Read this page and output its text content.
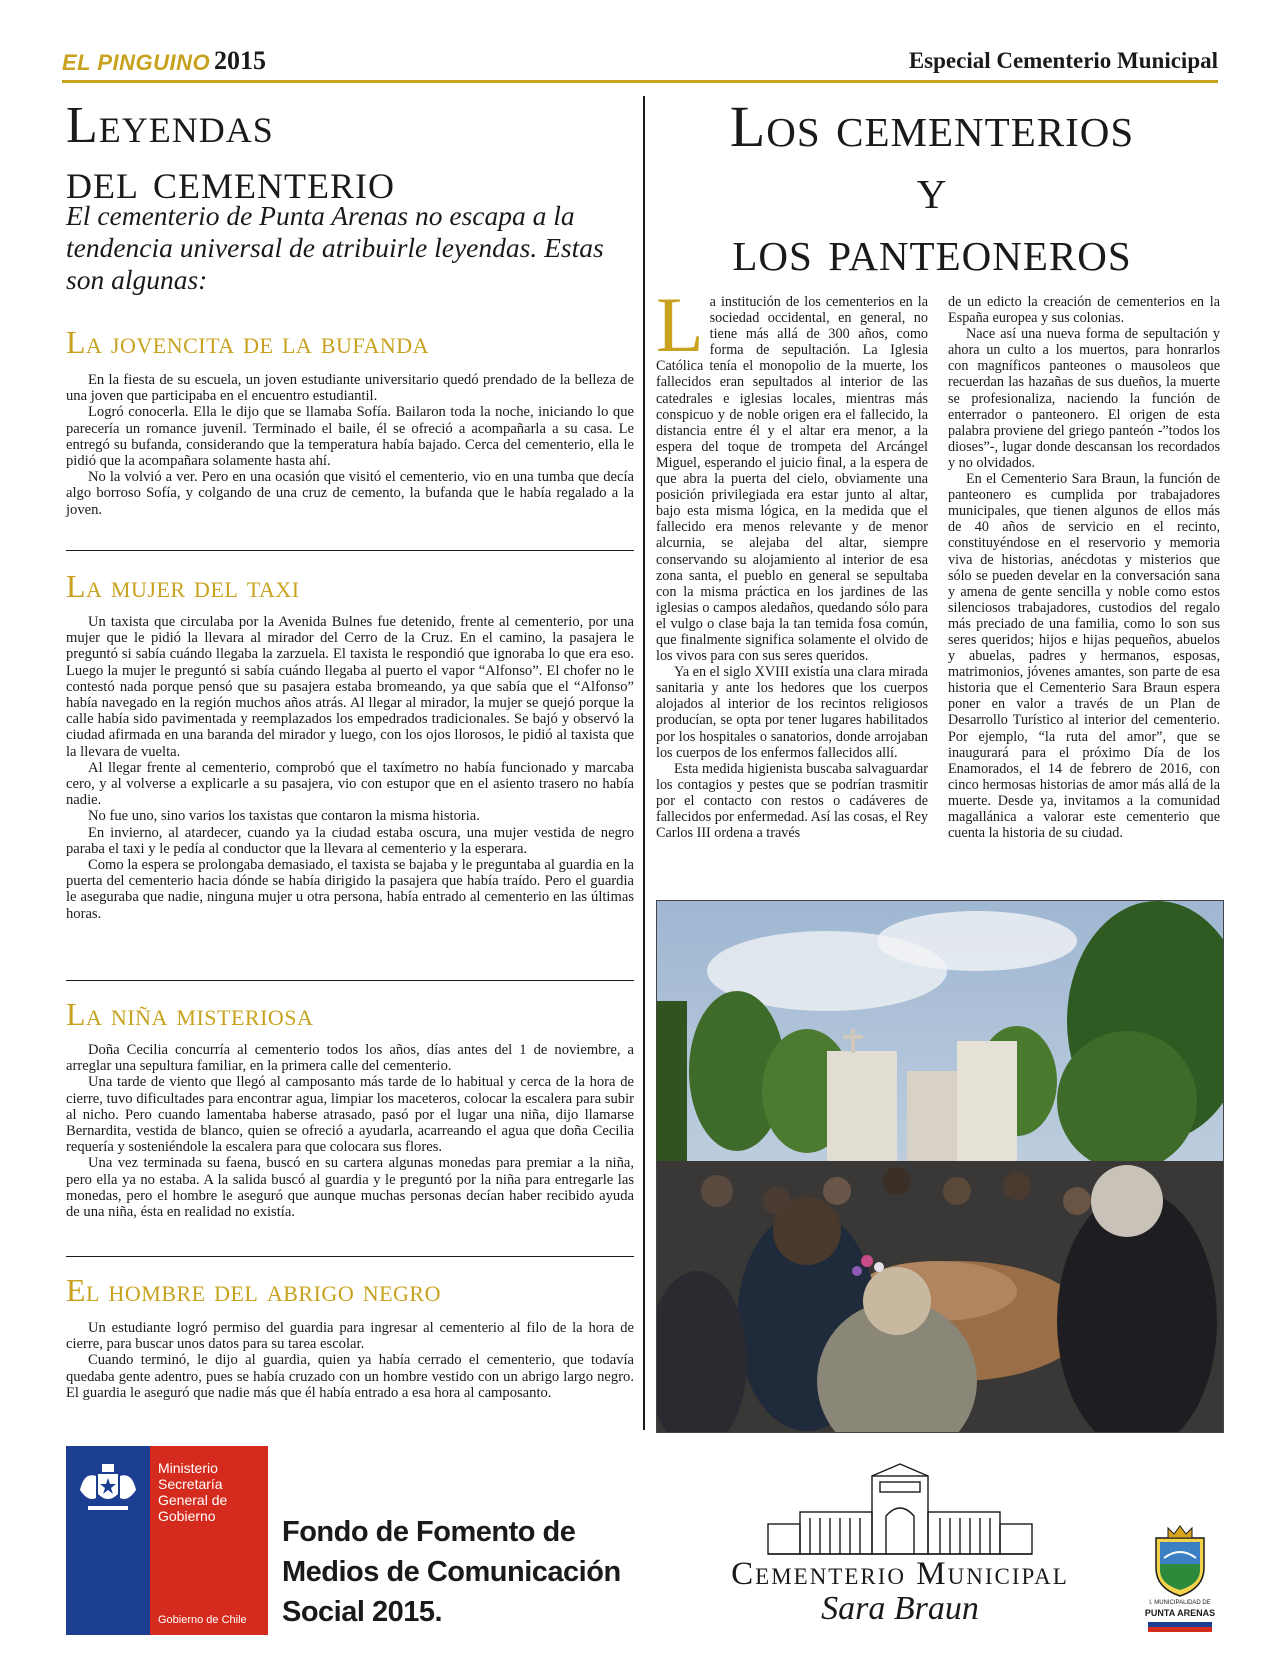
EL PINGUINO 2015	Especial Cementerio Municipal
Leyendas
del cementerio
El cementerio de Punta Arenas no escapa a la tendencia universal de atribuirle leyendas. Estas son algunas:
La jovencita de la bufanda

En la fiesta de su escuela, un joven estudiante universitario quedó prendado de la belleza de una joven que participaba en el encuentro estudiantil.

Logró conocerla. Ella le dijo que se llamaba Sofía. Bailaron toda la noche, iniciando lo que parecería un romance juvenil. Terminado el baile, él se ofreció a acompañarla a su casa. Le entregó su bufanda, considerando que la temperatura había bajado. Cerca del cementerio, ella le pidió que la acompañara solamente hasta ahí.

No la volvió a ver. Pero en una ocasión que visitó el cementerio, vio en una tumba que decía algo borroso Sofía, y colgando de una cruz de cemento, la bufanda que le había regalado a la joven.

La mujer del taxi

Un taxista que circulaba por la Avenida Bulnes fue detenido, frente al cementerio, por una mujer que le pidió la llevara al mirador del Cerro de la Cruz. En el camino, la pasajera le preguntó si sabía cuándo llegaba la zarzuela. El taxista le respondió que ignoraba lo que era eso. Luego la mujer le preguntó si sabía cuándo llegaba al puerto el vapor “Alfonso”. El chofer no le contestó nada porque pensó que su pasajera estaba bromeando, ya que sabía que el “Alfonso” había navegado en la región muchos años atrás. Al llegar al mirador, la mujer se quejó porque la calle había sido pavimentada y reemplazados los empedrados tradicionales. Se bajó y observó la ciudad afirmada en una baranda del mirador y luego, con los ojos llorosos, le pidió al taxista que la llevara de vuelta.

Al llegar frente al cementerio, comprobó que el taxímetro no había funcionado y marcaba cero, y al volverse a explicarle a su pasajera, vio con estupor que en el asiento trasero no había nadie.

No fue uno, sino varios los taxistas que contaron la misma historia.

En invierno, al atardecer, cuando ya la ciudad estaba oscura, una mujer vestida de negro paraba el taxi y le pedía al conductor que la llevara al cementerio y la esperara.

Como la espera se prolongaba demasiado, el taxista se bajaba y le preguntaba al guardia en la puerta del cementerio hacia dónde se había dirigido la pasajera que había traído. Pero el guardia le aseguraba que nadie, ninguna mujer u otra persona, había entrado al cementerio en las últimas horas.

La niña misteriosa

Doña Cecilia concurría al cementerio todos los años, días antes del 1 de noviembre, a arreglar una sepultura familiar, en la primera calle del cementerio.

Una tarde de viento que llegó al camposanto más tarde de lo habitual y cerca de la hora de cierre, tuvo dificultades para encontrar agua, limpiar los maceteros, colocar la escalera para subir al nicho. Pero cuando lamentaba haberse atrasado, pasó por el lugar una niña, dijo llamarse Bernardita, vestida de blanco, quien se ofreció a ayudarla, acarreando el agua que doña Cecilia requería y sosteniéndole la escalera para que colocara sus flores.

Una vez terminada su faena, buscó en su cartera algunas monedas para premiar a la niña, pero ella ya no estaba. A la salida buscó al guardia y le preguntó por la niña para entregarle las monedas, pero el hombre le aseguró que aunque muchas personas decían haber recibido ayuda de una niña, ésta en realidad no existía.

El hombre del abrigo negro

Un estudiante logró permiso del guardia para ingresar al cementerio al filo de la hora de cierre, para buscar unos datos para su tarea escolar.

Cuando terminó, le dijo al guardia, quien ya había cerrado el cementerio, que todavía quedaba gente adentro, pues se había cruzado con un hombre vestido con un abrigo largo negro. El guardia le aseguró que nadie más que él había entrado a esa hora al camposanto.

Los cementerios
y
los panteoneros

La institución de los cementerios en la sociedad occidental, en general, no tiene más allá de 300 años, como forma de sepultación. La Iglesia Católica tenía el monopolio de la muerte, los fallecidos eran sepultados al interior de las catedrales e iglesias locales, mientras más conspicuo y de noble origen era el fallecido, la distancia entre él y el altar era menor, a la espera del toque de trompeta del Arcángel Miguel, esperando el juicio final, a la espera de que abra la puerta del cielo, obviamente una posición privilegiada era estar junto al altar, bajo esta misma lógica, en la medida que el fallecido era menos relevante y de menor alcurnia, se alejaba del altar, siempre conservando su alojamiento al interior de esa zona santa, el pueblo en general se sepultaba con la misma práctica en los jardines de las iglesias o campos aledaños, quedando sólo para el vulgo o clase baja la tan temida fosa común, que finalmente significa solamente el olvido de los vivos para con sus seres queridos.

Ya en el siglo XVIII existía una clara mirada sanitaria y ante los hedores que los cuerpos alojados al interior de los recintos religiosos producían, se opta por tener lugares habilitados por los hospitales o sanatorios, donde arrojaban los cuerpos de los enfermos fallecidos allí.

Esta medida higienista buscaba salvaguardar los contagios y pestes que se podrían trasmitir por el contacto con restos o cadáveres de fallecidos por enfermedad. Así las cosas, el Rey Carlos III ordena a través

de un edicto la creación de cementerios en la España europea y sus colonias.

Nace así una nueva forma de sepultación y ahora un culto a los muertos, para honrarlos con magníficos panteones o mausoleos que recuerdan las hazañas de sus dueños, la muerte se profesionaliza, naciendo la función de enterrador o panteonero. El origen de esta palabra proviene del griego panteón -”todos los dioses”-, lugar donde descansan los recordados y no olvidados.

En el Cementerio Sara Braun, la función de panteonero es cumplida por trabajadores municipales, que tienen algunos de ellos más de 40 años de servicio en el recinto, constituyéndose en el reservorio y memoria viva de historias, anécdotas y misterios que sólo se pueden develar en la conversación sana y amena de gente sencilla y noble como estos silenciosos trabajadores, custodios del regalo más preciado de una familia, como lo son sus seres queridos; hijos e hijas pequeños, abuelos y abuelas, padres y hermanos, esposas, matrimonios, jóvenes amantes, son parte de esa historia que el Cementerio Sara Braun espera poner en valor a través de un Plan de Desarrollo Turístico al interior del cementerio. Por ejemplo, “la ruta del amor”, que se inaugurará para el próximo Día de los Enamorados, el 14 de febrero de 2016, con cinco hermosas historias de amor más allá de la muerte. Desde ya, invitamos a la comunidad magallánica a valorar este cementerio que cuenta la historia de su ciudad.

Ministerio
Secretaría
General de
Gobierno
Gobierno de Chile
Fondo de Fomento de
Medios de Comunicación
Social 2015.
Cementerio Municipal
Sara Braun	I. MUNICIPALIDAD DE
PUNTA ARENAS
